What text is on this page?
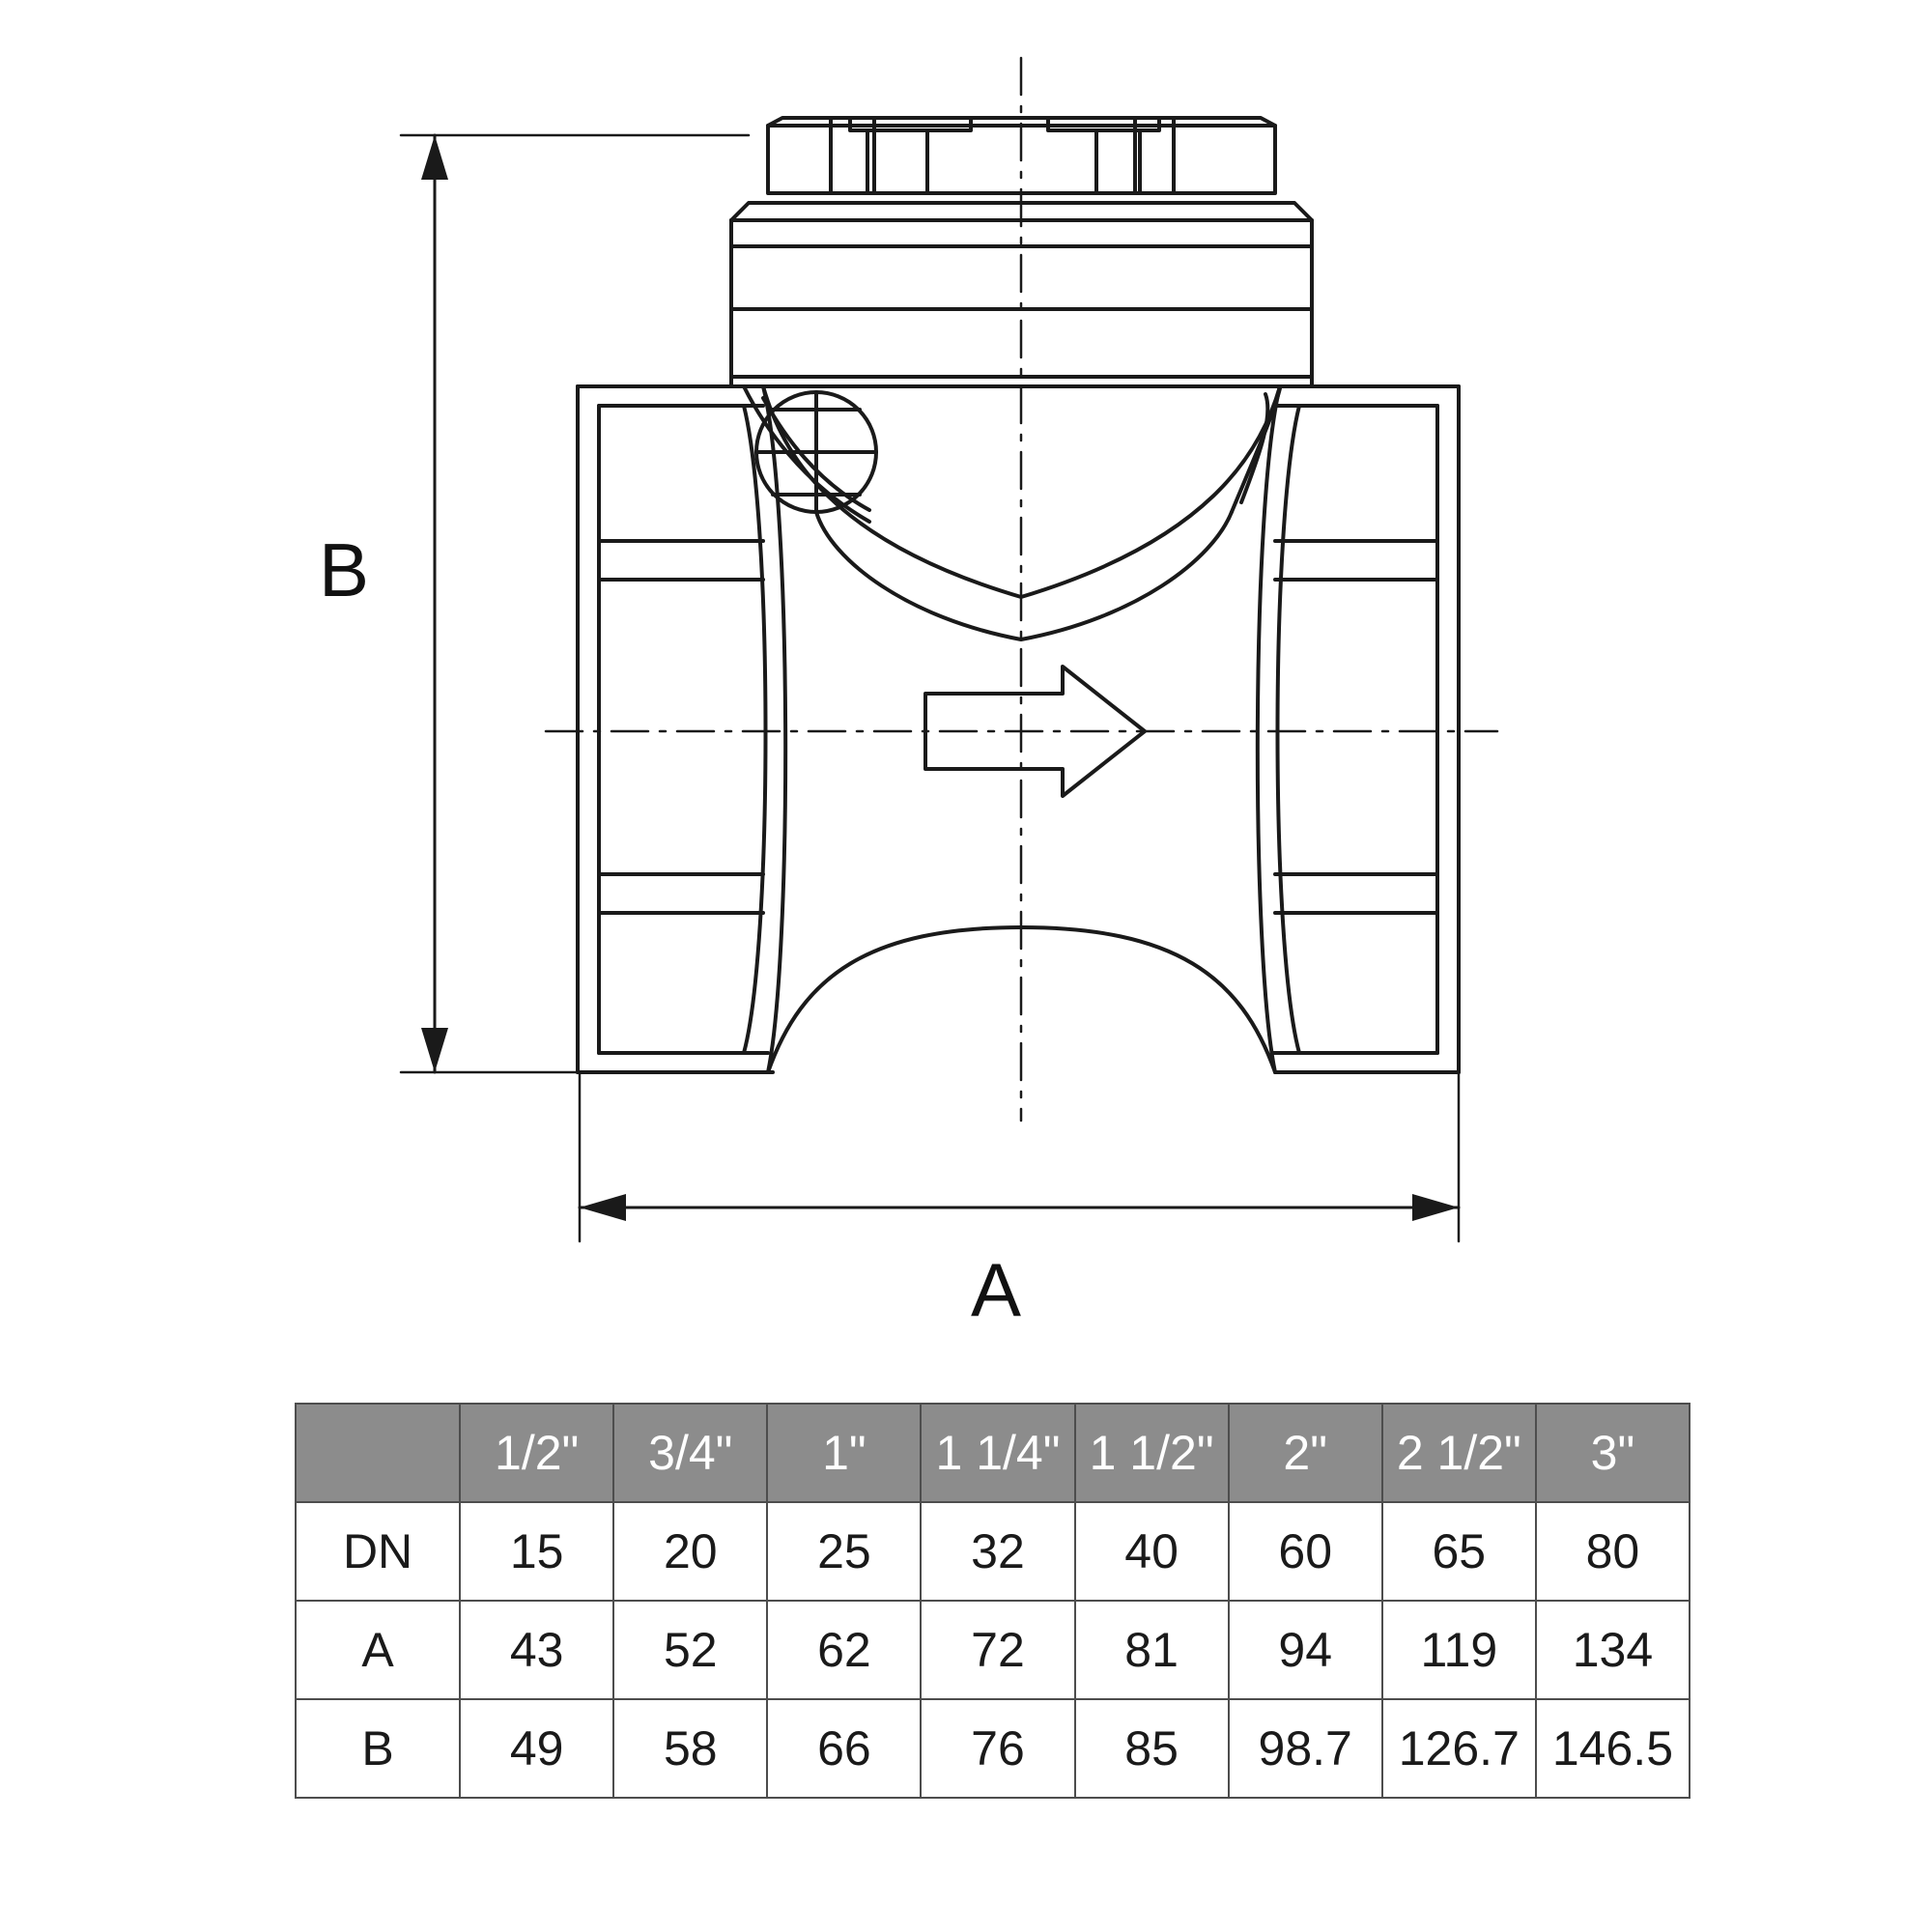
B
A
	1/2"	3/4"	1"	1 1/4"	1 1/2"	2"	2 1/2"	3"
DN	15	20	25	32	40	60	65	80
A	43	52	62	72	81	94	119	134
B	49	58	66	76	85	98.7	126.7	146.5
